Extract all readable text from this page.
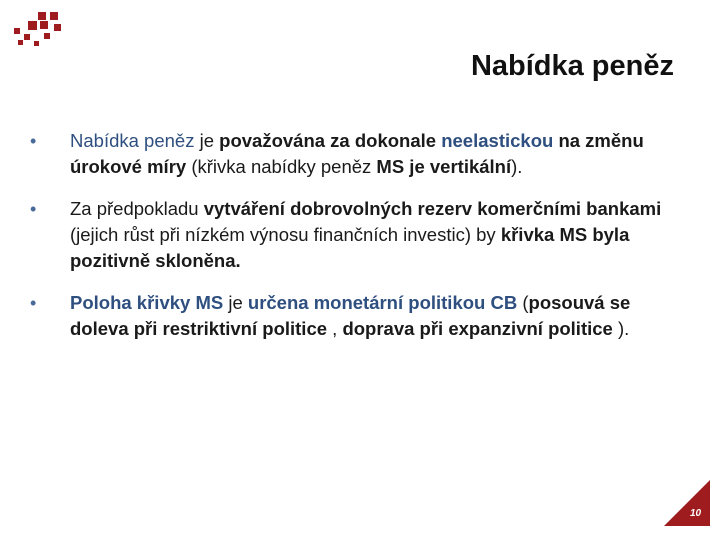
Nabídka peněz
•	Nabídka peněz je považována za dokonale neelastickou na změnu úrokové míry (křivka nabídky peněz MS je vertikální).
•	Za předpokladu vytváření dobrovolných rezerv komerčními bankami (jejich růst při nízkém výnosu finančních investic) by křivka MS byla pozitivně skloněna.
•	Poloha křivky MS je určena monetární politikou CB (posouvá se doleva při restriktivní politice , doprava při expanzivní politice ).
10
